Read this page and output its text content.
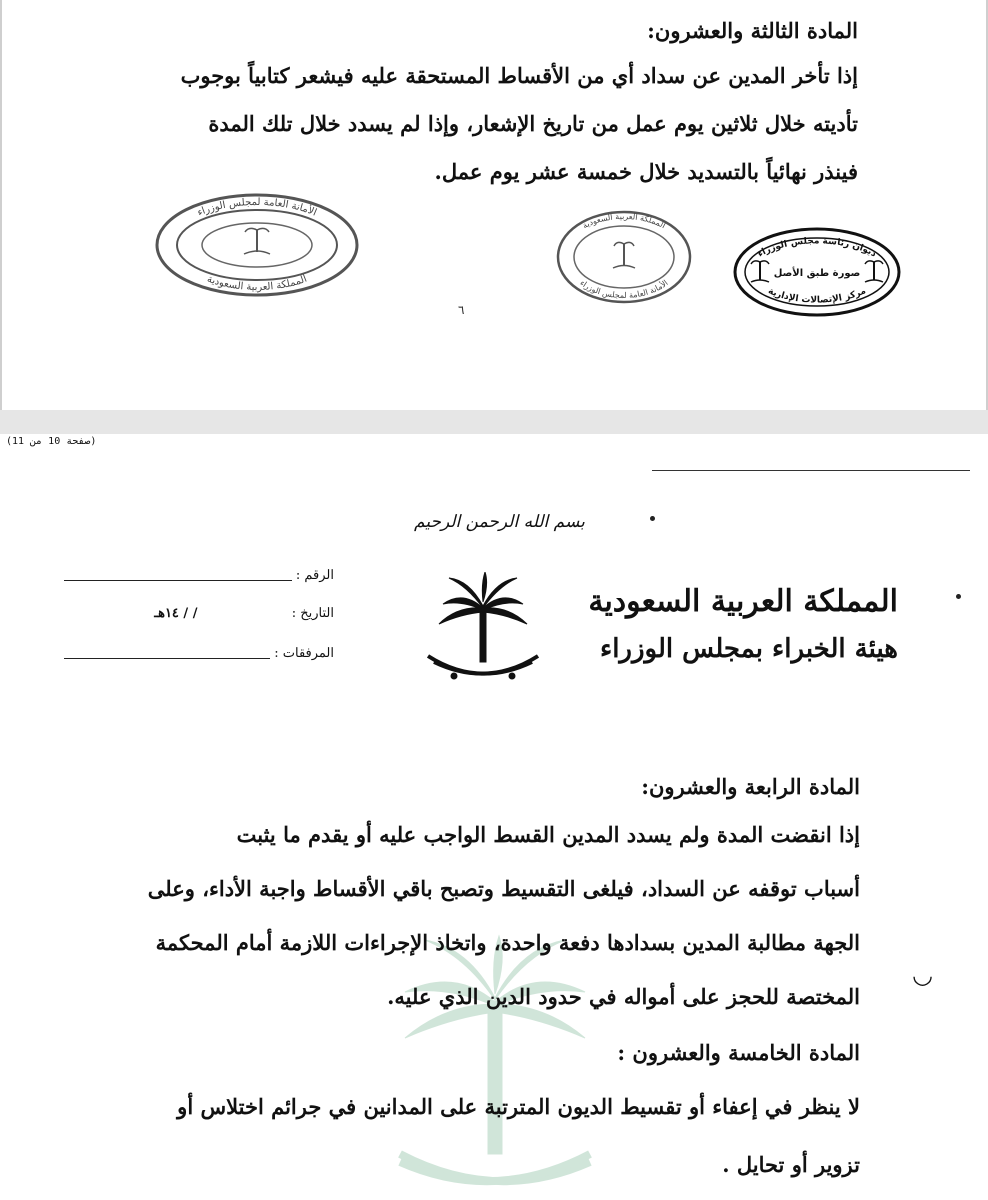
المادة الثالثة والعشرون:
إذا تأخر المدين عن سداد أي من الأقساط المستحقة عليه فيشعر كتابياً بوجوب
تأديته خلال ثلاثين يوم عمل من تاريخ الإشعار، وإذا لم يسدد خلال تلك المدة
فينذر نهائياً بالتسديد خلال خمسة عشر يوم عمل.
الأمانة العامة لمجلس الوزراء
المملكة العربية السعودية
المملكة العربية السعودية
الأمانة العامة لمجلس الوزراء
ديوان رئاسة مجلس الوزراء
صورة طبق الأصل
مركز الإتصالات الإدارية
٦
(صفحة 10 من 11)
بسم الله الرحمن الرحيم
المملكة العربية السعودية
هيئة الخبراء بمجلس الوزراء
الرقم :
التاريخ :
/ / ١٤هـ
المرفقات :
المادة الرابعة والعشرون:
إذا انقضت المدة ولم يسدد المدين القسط الواجب عليه أو يقدم ما يثبت
أسباب توقفه عن السداد، فيلغى التقسيط وتصبح باقي الأقساط واجبة الأداء، وعلى
الجهة مطالبة المدين بسدادها دفعة واحدة، واتخاذ الإجراءات اللازمة أمام المحكمة
المختصة للحجز على أمواله في حدود الدين الذي عليه.
◡
المادة الخامسة والعشرون :
لا ينظر في إعفاء أو تقسيط الديون المترتبة على المدانين في جرائم اختلاس أو
تزوير أو تحايل .
